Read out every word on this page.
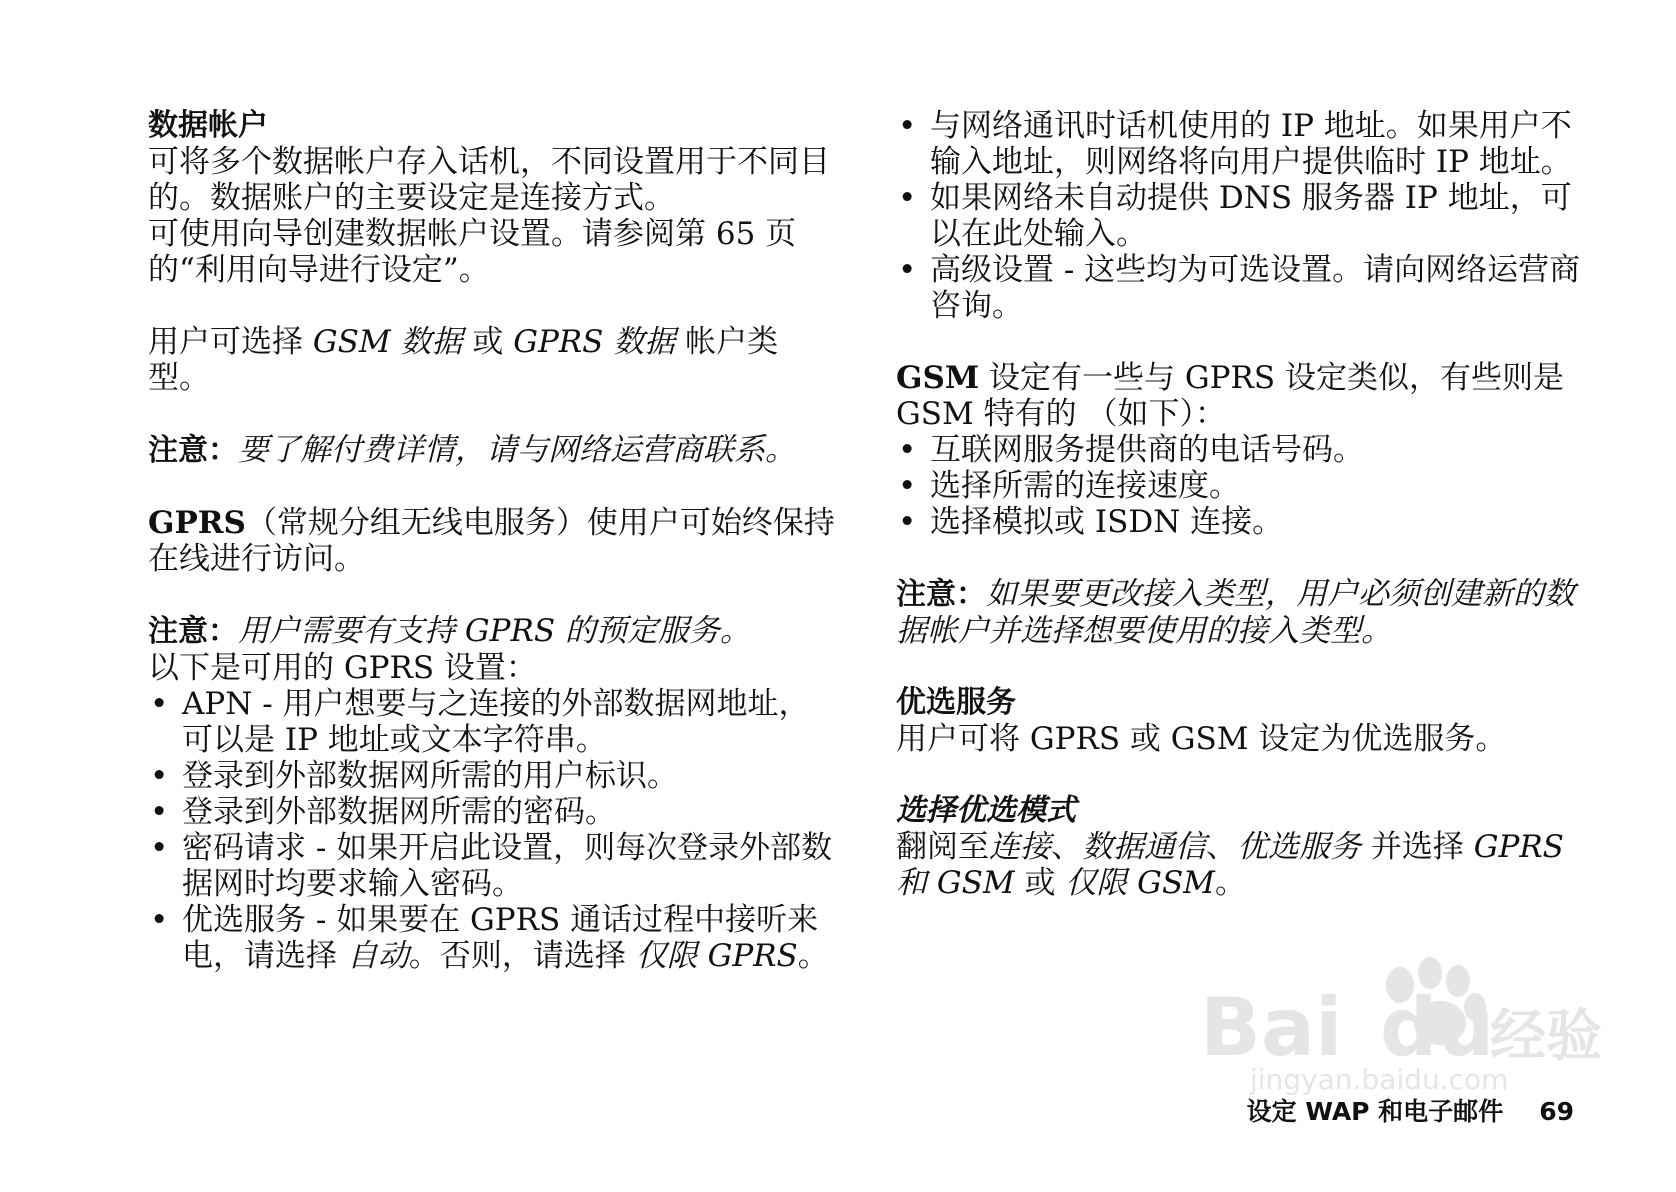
数据帐户
可将多个数据帐户存入话机，不同设置用于不同目的。数据账户的主要设定是连接方式。
可使用向导创建数据帐户设置。请参阅第 65 页的“利用向导进行设定”。
用户可选择 GSM 数据 或 GPRS 数据 帐户类型。
注意：要了解付费详情，请与网络运营商联系。
GPRS（常规分组无线电服务）使用户可始终保持在线进行访问。
注意：用户需要有支持 GPRS 的预定服务。
以下是可用的 GPRS 设置：
• APN - 用户想要与之连接的外部数据网地址，可以是 IP 地址或文本字符串。
• 登录到外部数据网所需的用户标识。
• 登录到外部数据网所需的密码。
• 密码请求 - 如果开启此设置，则每次登录外部数据网时均要求输入密码。
• 优选服务 - 如果要在 GPRS 通话过程中接听来电，请选择 自动。否则，请选择 仅限 GPRS。
• 与网络通讯时话机使用的 IP 地址。如果用户不输入地址，则网络将向用户提供临时 IP 地址。
• 如果网络未自动提供 DNS 服务器 IP 地址，可以在此处输入。
• 高级设置 - 这些均为可选设置。请向网络运营商咨询。
GSM 设定有一些与 GPRS 设定类似，有些则是 GSM 特有的 （如下）：
• 互联网服务提供商的电话号码。
• 选择所需的连接速度。
• 选择模拟或 ISDN 连接。
注意：如果要更改接入类型，用户必须创建新的数据帐户并选择想要使用的接入类型。
优选服务
用户可将 GPRS 或 GSM 设定为优选服务。
选择优选模式
翻阅至连接、数据通信、优选服务 并选择 GPRS 和 GSM 或 仅限 GSM。
Bai du
经验
jingyan.baidu.com
设定 WAP 和电子邮件 69
